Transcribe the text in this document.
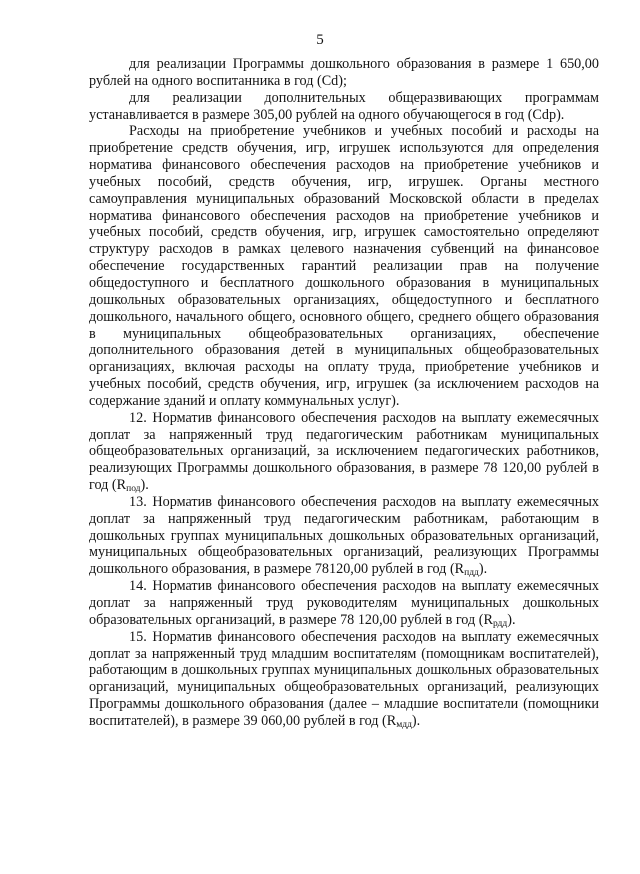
5

для реализации Программы дошкольного образования в размере 1 650,00 рублей на одного воспитанника в год (Cd);

для реализации дополнительных общеразвивающих программам устанавливается в размере 305,00 рублей на одного обучающегося в год (Cdp).

Расходы на приобретение учебников и учебных пособий и расходы на приобретение средств обучения, игр, игрушек используются для определения норматива финансового обеспечения расходов на приобретение учебников и учебных пособий, средств обучения, игр, игрушек. Органы местного самоуправления муниципальных образований Московской области в пределах норматива финансового обеспечения расходов на приобретение учебников и учебных пособий, средств обучения, игр, игрушек самостоятельно определяют структуру расходов в рамках целевого назначения субвенций на финансовое обеспечение государственных гарантий реализации прав на получение общедоступного и бесплатного дошкольного образования в муниципальных дошкольных образовательных организациях, общедоступного и бесплатного дошкольного, начального общего, основного общего, среднего общего образования в муниципальных общеобразовательных организациях, обеспечение дополнительного образования детей в муниципальных общеобразовательных организациях, включая расходы на оплату труда, приобретение учебников и учебных пособий, средств обучения, игр, игрушек (за исключением расходов на содержание зданий и оплату коммунальных услуг).

12. Норматив финансового обеспечения расходов на выплату ежемесячных доплат за напряженный труд педагогическим работникам муниципальных общеобразовательных организаций, за исключением педагогических работников, реализующих Программы дошкольного образования, в размере 78 120,00 рублей в год $(R_{под})$.

13. Норматив финансового обеспечения расходов на выплату ежемесячных доплат за напряженный труд педагогическим работникам, работающим в дошкольных группах муниципальных дошкольных образовательных организаций, муниципальных общеобразовательных организаций, реализующих Программы дошкольного образования, в размере 78120,00 рублей в год $(R_{пдд})$.

14. Норматив финансового обеспечения расходов на выплату ежемесячных доплат за напряженный труд руководителям муниципальных дошкольных образовательных организаций, в размере 78 120,00 рублей в год $(R_{рдд})$.

15. Норматив финансового обеспечения расходов на выплату ежемесячных доплат за напряженный труд младшим воспитателям (помощникам воспитателей), работающим в дошкольных группах муниципальных дошкольных образовательных организаций, муниципальных общеобразовательных организаций, реализующих Программы дошкольного образования (далее – младшие воспитатели (помощники воспитателей), в размере 39 060,00 рублей в год $(R_{мдд})$.
